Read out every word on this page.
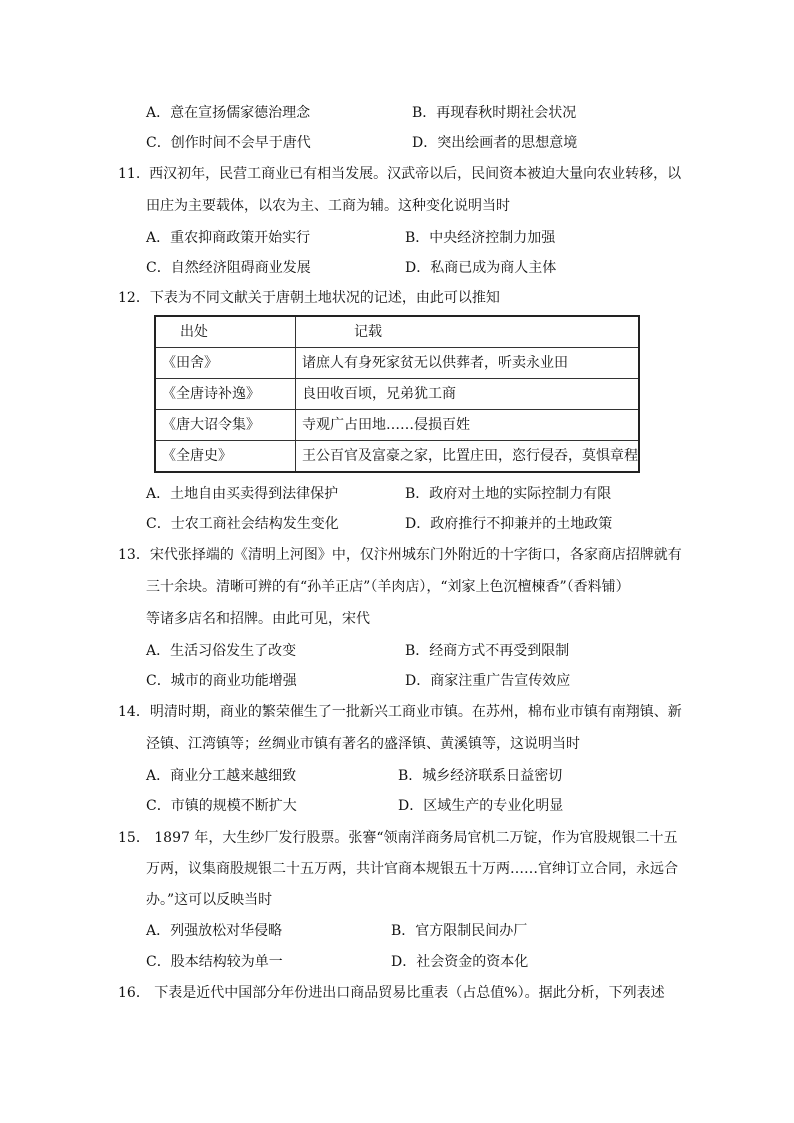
A．意在宣扬儒家德治理念	B．再现春秋时期社会状况
C．创作时间不会早于唐代	D．突出绘画者的思想意境
11.  西汉初年，民营工商业已有相当发展。汉武帝以后，民间资本被迫大量向农业转移，以
田庄为主要载体，以农为主、工商为辅。这种变化说明当时
A．重农抑商政策开始实行	B．中央经济控制力加强
C．自然经济阻碍商业发展	D．私商已成为商人主体
12．下表为不同文献关于唐朝土地状况的记述，由此可以推知
出处	记载
《田舍》	诸庶人有身死家贫无以供葬者，听卖永业田
《全唐诗补逸》	良田收百顷，兄弟犹工商
《唐大诏令集》	寺观广占田地……侵损百姓
《全唐史》	王公百官及富豪之家，比置庄田，恣行侵吞，莫惧章程
A．土地自由买卖得到法律保护	B．政府对土地的实际控制力有限
C．士农工商社会结构发生变化	D．政府推行不抑兼并的土地政策
13．宋代张择端的《清明上河图》中，仅汴州城东门外附近的十字街口，各家商店招牌就有
三十余块。清晰可辨的有“孙羊正店”（羊肉店），“刘家上色沉檀楝香”（香料铺）
等诸多店名和招牌。由此可见，宋代
A．生活习俗发生了改变	B．经商方式不再受到限制
C．城市的商业功能增强	D．商家注重广告宣传效应
14．明清时期，商业的繁荣催生了一批新兴工商业市镇。在苏州，棉布业市镇有南翔镇、新
泾镇、江湾镇等；丝绸业市镇有著名的盛泽镇、黄溪镇等，这说明当时
A．商业分工越来越细致	B．城乡经济联系日益密切
C．市镇的规模不断扩大	D．区域生产的专业化明显
15． 1897 年，大生纱厂发行股票。张謇“领南洋商务局官机二万锭，作为官股规银二十五
万两，议集商股规银二十五万两，共计官商本规银五十万两……官绅订立合同，永远合
办。”这可以反映当时
A．列强放松对华侵略	B．官方限制民间办厂
C．股本结构较为单一	D．社会资金的资本化
16． 下表是近代中国部分年份进出口商品贸易比重表（占总值%）。据此分析，下列表述
